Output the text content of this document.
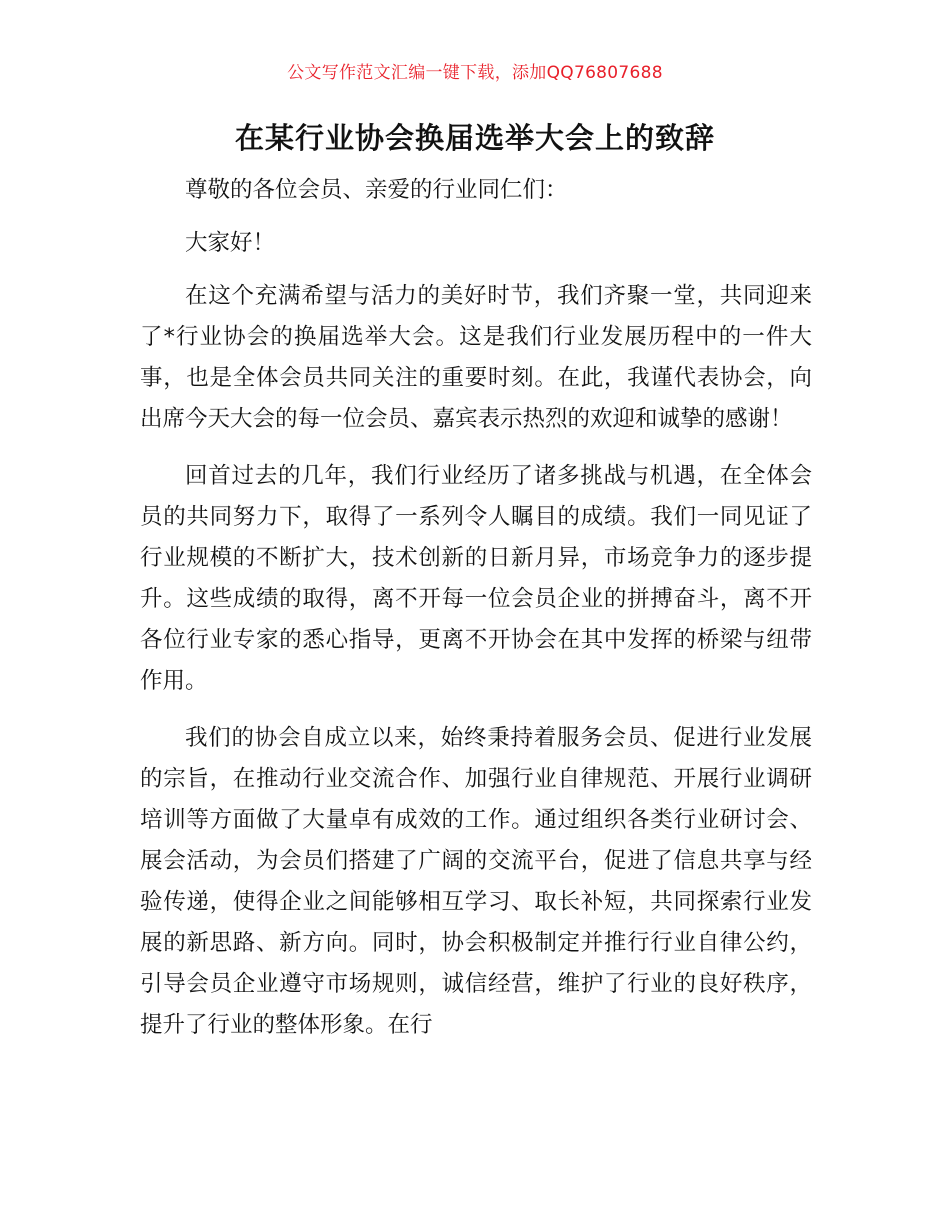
公文写作范文汇编一键下载，添加QQ76807688
在某行业协会换届选举大会上的致辞

尊敬的各位会员、亲爱的行业同仁们：

大家好！

在这个充满希望与活力的美好时节，我们齐聚一堂，共同迎来了*行业协会的换届选举大会。这是我们行业发展历程中的一件大事，也是全体会员共同关注的重要时刻。在此，我谨代表协会，向出席今天大会的每一位会员、嘉宾表示热烈的欢迎和诚挚的感谢！

回首过去的几年，我们行业经历了诸多挑战与机遇，在全体会员的共同努力下，取得了一系列令人瞩目的成绩。我们一同见证了行业规模的不断扩大，技术创新的日新月异，市场竞争力的逐步提升。这些成绩的取得，离不开每一位会员企业的拼搏奋斗，离不开各位行业专家的悉心指导，更离不开协会在其中发挥的桥梁与纽带作用。

我们的协会自成立以来，始终秉持着服务会员、促进行业发展的宗旨，在推动行业交流合作、加强行业自律规范、开展行业调研培训等方面做了大量卓有成效的工作。通过组织各类行业研讨会、展会活动，为会员们搭建了广阔的交流平台，促进了信息共享与经验传递，使得企业之间能够相互学习、取长补短，共同探索行业发展的新思路、新方向。同时，协会积极制定并推行行业自律公约，引导会员企业遵守市场规则，诚信经营，维护了行业的良好秩序，提升了行业的整体形象。在行
